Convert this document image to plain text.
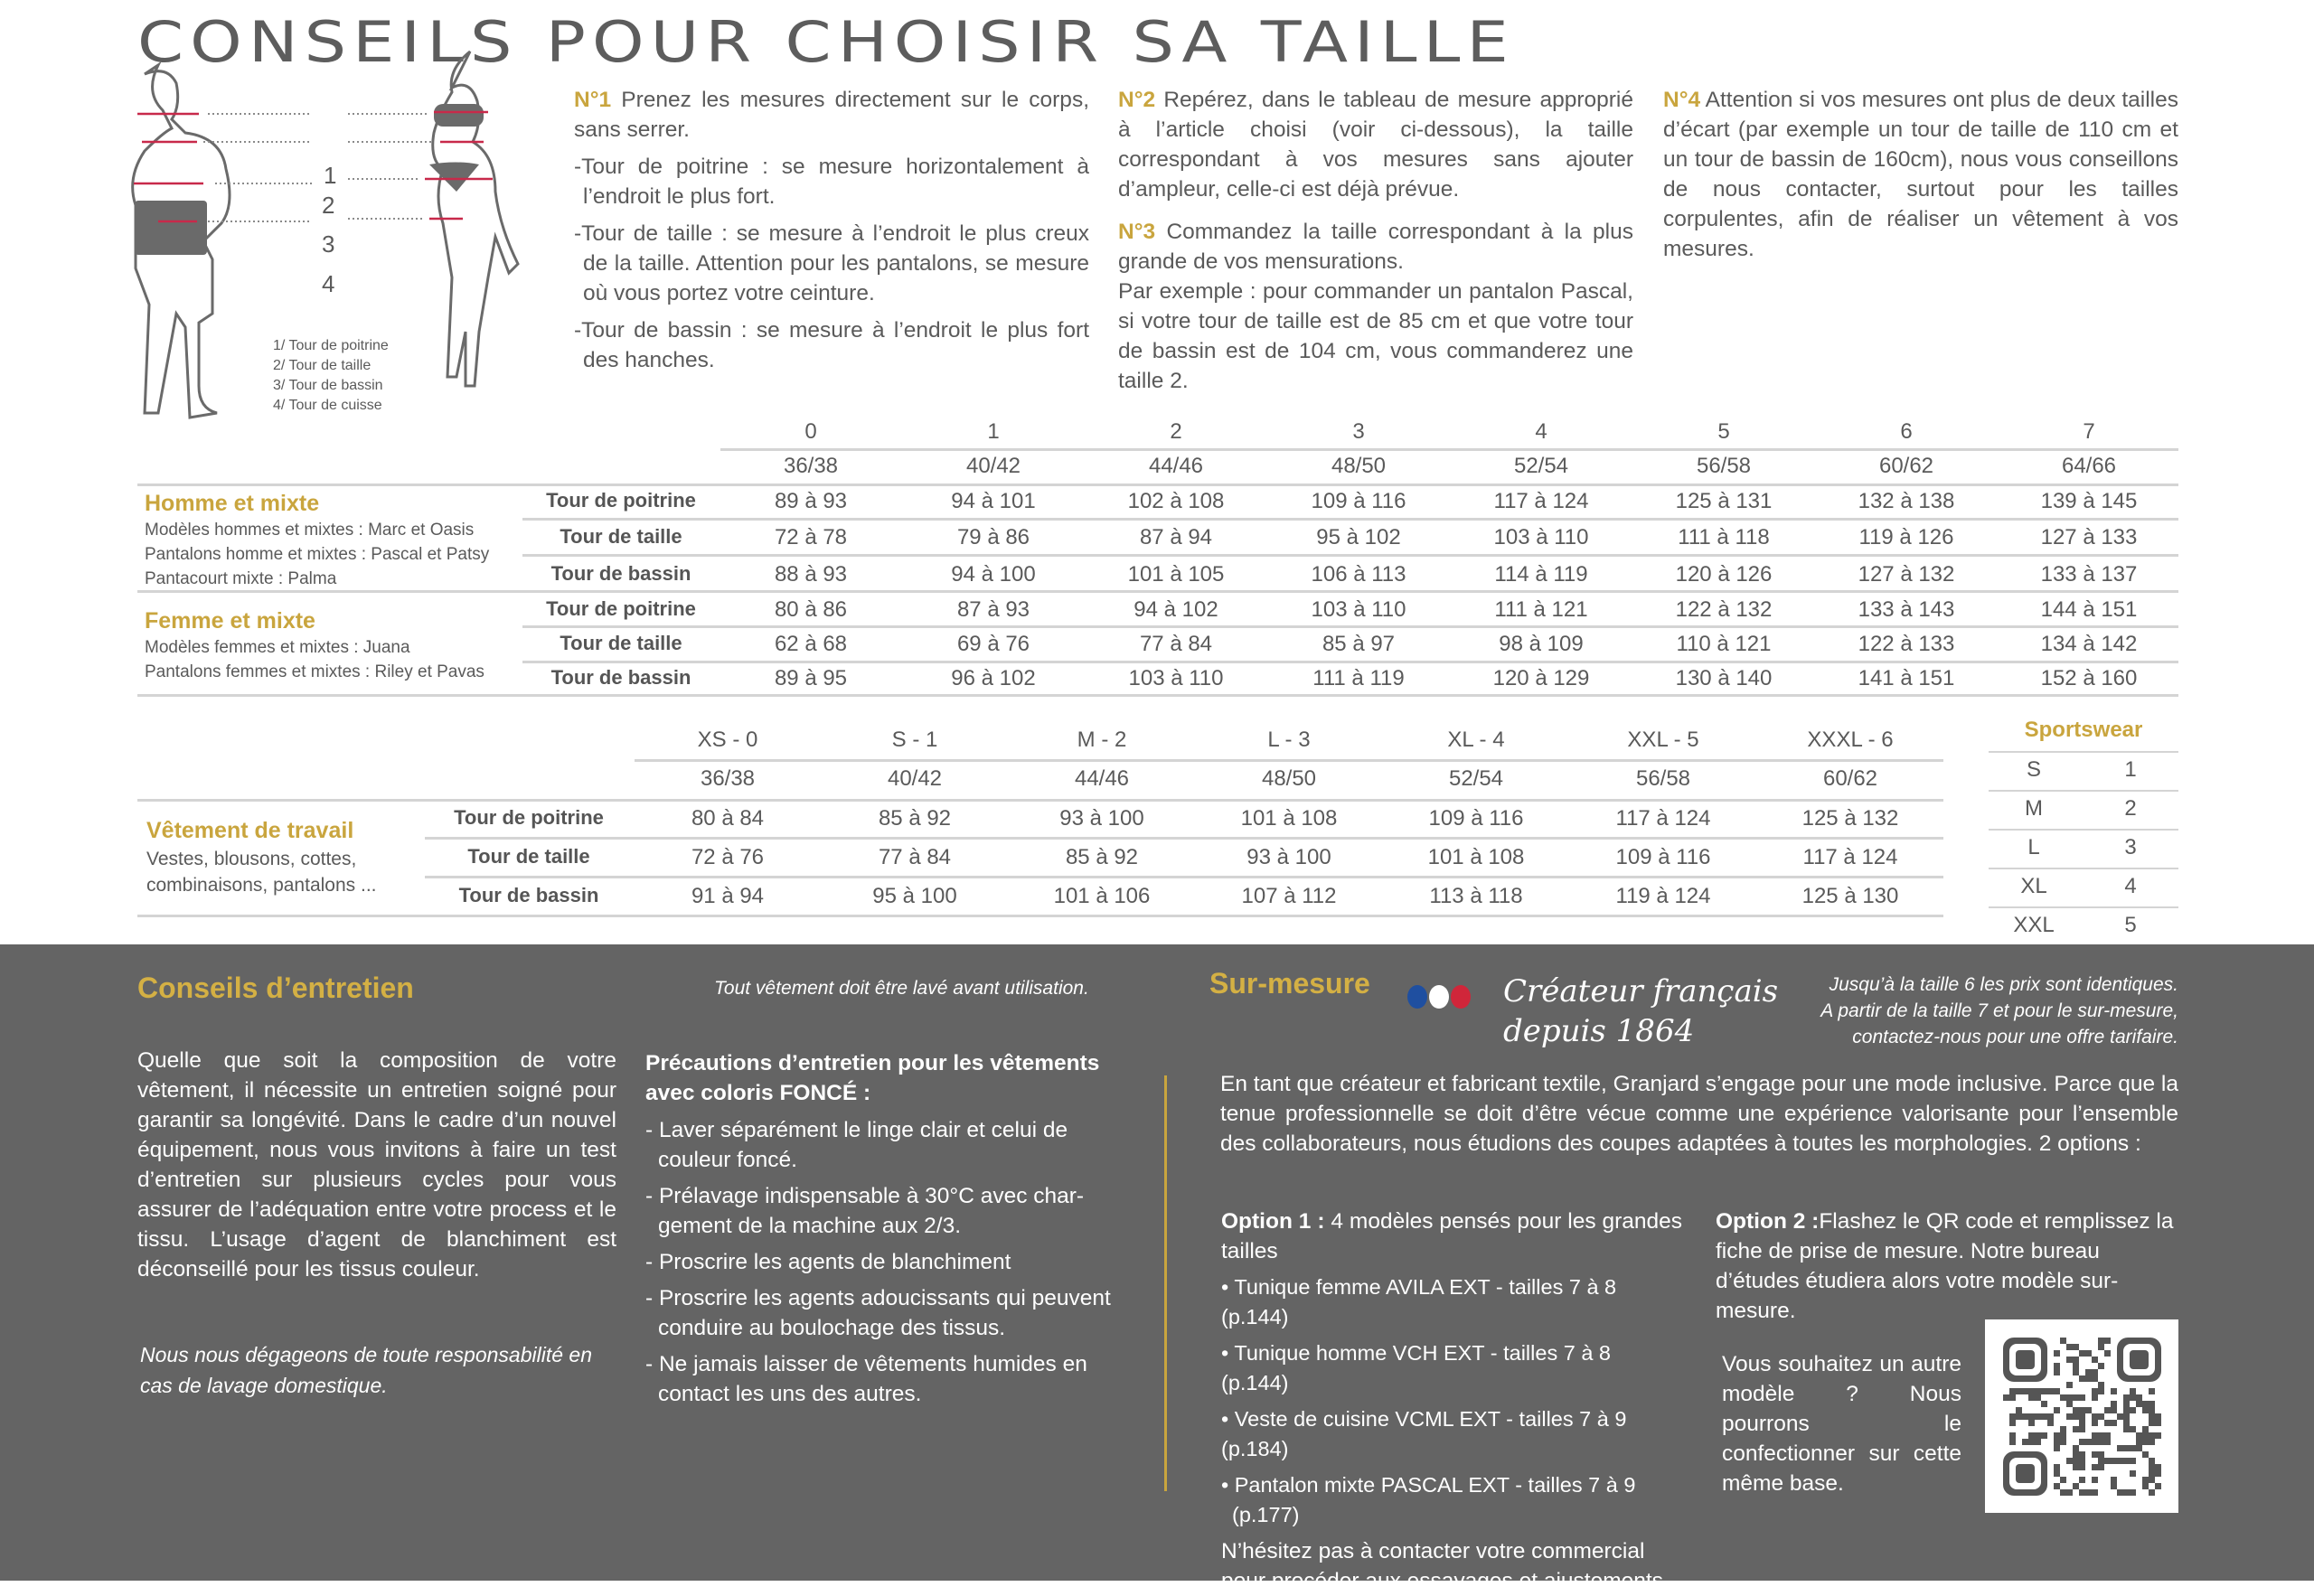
CONSEILS POUR CHOISIR SA TAILLE
1
2
3
4
1/ Tour de poitrine
2/ Tour de taille
3/ Tour de bassin
4/ Tour de cuisse

N°1 Prenez les mesures directement sur le corps, sans serrer.

-Tour de poitrine : se mesure horizontalement à l’endroit le plus fort.

-Tour de taille : se mesure à l’endroit le plus creux de la taille. Attention pour les pantalons, se mesure où vous portez votre ceinture.

-Tour de bassin : se mesure à l’endroit le plus fort des hanches.

N°2 Repérez, dans le tableau de mesure approprié à l’article choisi (voir ci-dessous), la taille correspondant à vos mesures sans ajouter d’ampleur, celle-ci est déjà prévue.

N°3 Commandez la taille correspondant à la plus grande de vos mensurations.

Par exemple : pour commander un pantalon Pascal, si votre tour de taille est de 85 cm et que votre tour de bassin est de 104 cm, vous commanderez une taille 2.

N°4 Attention si vos mesures ont plus de deux tailles d’écart (par exemple un tour de taille de 110 cm et un tour de bassin de 160cm), nous vous conseillons de nous contacter, surtout pour les tailles corpulentes, afin de réaliser un vêtement à vos mesures.

0	1	2	3	4	5	6	7
36/38	40/42	44/46	48/50	52/54	56/58	60/62	64/66
Homme et mixte
Modèles hommes et mixtes : Marc et Oasis
Pantalons homme et mixtes : Pascal et Patsy
Pantacourt mixte : Palma
Tour de poitrine	89 à 93	94 à 101	102 à 108	109 à 116	117 à 124	125 à 131	132 à 138	139 à 145
Tour de taille	72 à 78	79 à 86	87 à 94	95 à 102	103 à 110	111 à 118	119 à 126	127 à 133
Tour de bassin	88 à 93	94 à 100	101 à 105	106 à 113	114 à 119	120 à 126	127 à 132	133 à 137
Femme et mixte
Modèles femmes et mixtes : Juana
Pantalons femmes et mixtes : Riley et Pavas
Tour de poitrine	80 à 86	87 à 93	94 à 102	103 à 110	111 à 121	122 à 132	133 à 143	144 à 151
Tour de taille	62 à 68	69 à 76	77 à 84	85 à 97	98 à 109	110 à 121	122 à 133	134 à 142
Tour de bassin	89 à 95	96 à 102	103 à 110	111 à 119	120 à 129	130 à 140	141 à 151	152 à 160
XS - 0	S - 1	M - 2	L - 3	XL - 4	XXL - 5	XXXL - 6
36/38	40/42	44/46	48/50	52/54	56/58	60/62
Vêtement de travail
Vestes, blousons, cottes,
combinaisons, pantalons ...
Tour de poitrine	80 à 84	85 à 92	93 à 100	101 à 108	109 à 116	117 à 124	125 à 132
Tour de taille	72 à 76	77 à 84	85 à 92	93 à 100	101 à 108	109 à 116	117 à 124
Tour de bassin	91 à 94	95 à 100	101 à 106	107 à 112	113 à 118	119 à 124	125 à 130
Sportswear
S	1
M	2
L	3
XL	4
XXL	5
Conseils d’entretien	Tout vêtement doit être lavé avant utilisation.
Quelle que soit la composition de votre vêtement, il nécessite un entretien soigné pour garantir sa longévité. Dans le cadre d’un nouvel équipement, nous vous invitons à faire un test d’entretien sur plusieurs cycles pour vous assurer de l’adéquation entre votre process et le tissu. L’usage d’agent de blanchiment est déconseillé pour les tissus couleur.
Nous nous dégageons de toute responsabilité en cas de lavage domestique.
Précautions d’entretien pour les vêtements avec coloris FONCÉ :
- Laver séparément le linge clair et celui de couleur foncé.
- Prélavage indispensable à 30°C avec char-gement de la machine aux 2/3.
- Proscrire les agents de blanchiment
- Proscrire les agents adoucissants qui peuvent conduire au boulochage des tissus.
- Ne jamais laisser de vêtements humides en contact les uns des autres.
Sur-mesure	Créateur français
depuis 1864
Jusqu’à la taille 6 les prix sont identiques.
A partir de la taille 7 et pour le sur-mesure,
contactez-nous pour une offre tarifaire.
En tant que créateur et fabricant textile, Granjard s’engage pour une mode inclusive. Parce que la tenue professionnelle se doit d’être vécue comme une expérience valorisante pour l’ensemble des collaborateurs, nous étudions des coupes adaptées à toutes les morphologies. 2 options :
Option 1 : 4 modèles pensés pour les grandes tailles
• Tunique femme AVILA EXT - tailles 7 à 8 (p.144)
• Tunique homme VCH EXT - tailles 7 à 8 (p.144)
• Veste de cuisine VCML EXT - tailles 7 à 9 (p.184)
• Pantalon mixte PASCAL EXT - tailles 7 à 9 (p.177)
N’hésitez pas à contacter votre commercial pour procéder aux essayages et ajustements.
Option 2 :Flashez le QR code et remplissez la fiche de prise de mesure. Notre bureau d’études étudiera alors votre modèle sur-mesure.
Vous souhaitez un autre modèle ? Nous pourrons le confectionner sur cette même base.
